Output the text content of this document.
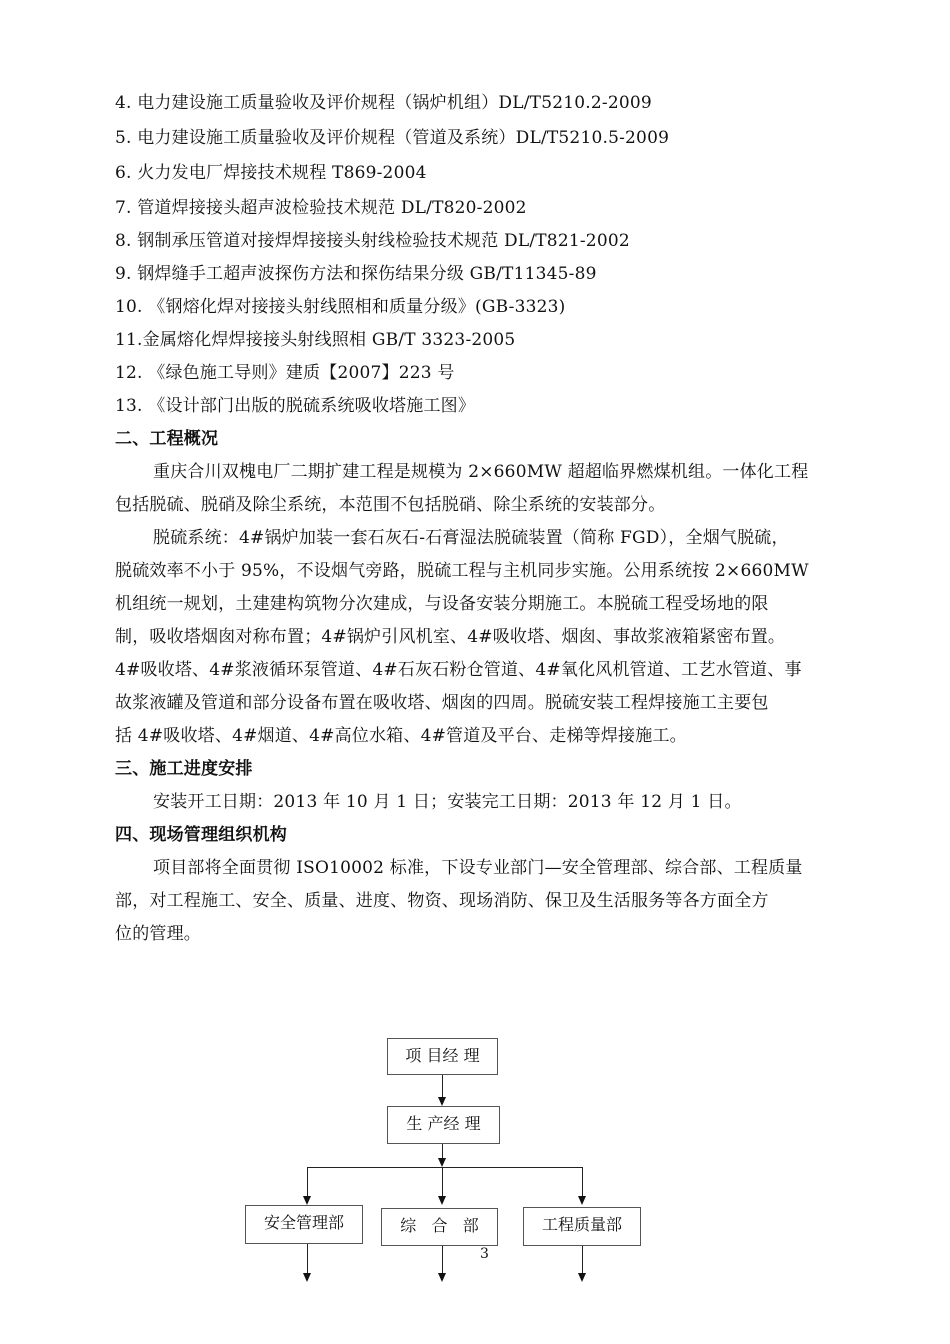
4. 电力建设施工质量验收及评价规程（锅炉机组）DL/T5210.2-2009

5. 电力建设施工质量验收及评价规程（管道及系统）DL/T5210.5-2009

6. 火力发电厂焊接技术规程 T869-2004

7. 管道焊接接头超声波检验技术规范 DL/T820-2002

8. 钢制承压管道对接焊焊接接头射线检验技术规范 DL/T821-2002

9. 钢焊缝手工超声波探伤方法和探伤结果分级 GB/T11345-89

10. 《钢熔化焊对接接头射线照相和质量分级》(GB-3323)

11.金属熔化焊焊接接头射线照相 GB/T 3323-2005

12. 《绿色施工导则》建质【2007】223 号

13. 《设计部门出版的脱硫系统吸收塔施工图》

二、工程概况

重庆合川双槐电厂二期扩建工程是规模为 2×660MW 超超临界燃煤机组。一体化工程

包括脱硫、脱硝及除尘系统，本范围不包括脱硝、除尘系统的安装部分。

脱硫系统：4#锅炉加装一套石灰石-石膏湿法脱硫装置（简称 FGD），全烟气脱硫，

脱硫效率不小于 95%，不设烟气旁路，脱硫工程与主机同步实施。公用系统按 2×660MW

机组统一规划，土建建构筑物分次建成，与设备安装分期施工。本脱硫工程受场地的限

制，吸收塔烟囱对称布置；4#锅炉引风机室、4#吸收塔、烟囱、事故浆液箱紧密布置。

4#吸收塔、4#浆液循环泵管道、4#石灰石粉仓管道、4#氧化风机管道、工艺水管道、事

故浆液罐及管道和部分设备布置在吸收塔、烟囱的四周。脱硫安装工程焊接施工主要包

括 4#吸收塔、4#烟道、4#高位水箱、4#管道及平台、走梯等焊接施工。

三、施工进度安排

安装开工日期：2013 年 10 月 1 日；安装完工日期：2013 年 12 月 1 日。

四、现场管理组织机构

项目部将全面贯彻 ISO10002 标准，下设专业部门—安全管理部、综合部、工程质量

部，对工程施工、安全、质量、进度、物资、现场消防、保卫及生活服务等各方面全方

位的管理。

项 目经 理
生 产经 理
安全管理部	综   合   部	工程质量部
3
